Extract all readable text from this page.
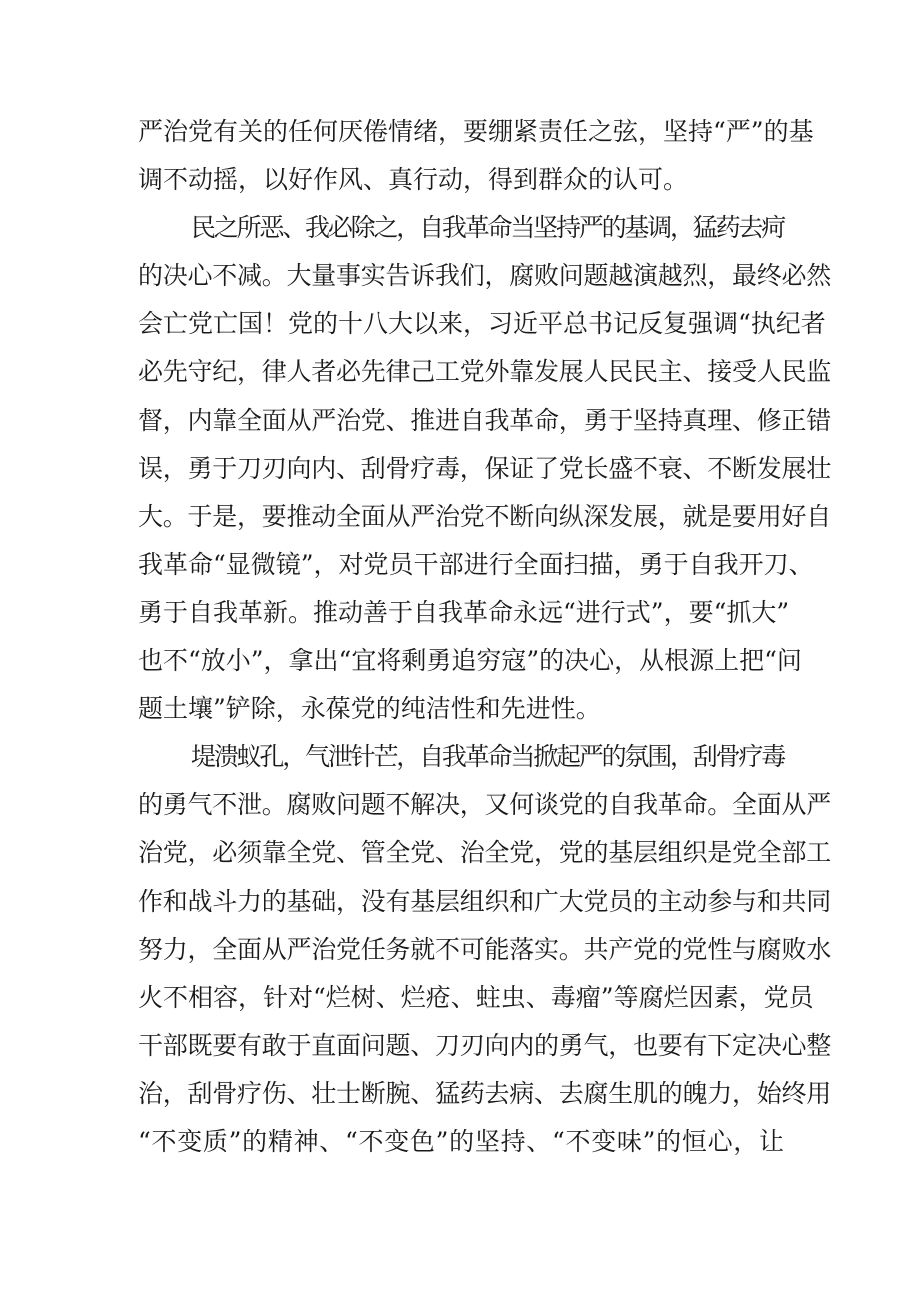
严治党有关的任何厌倦情绪，要绷紧责任之弦，坚持“严”的基
调不动摇，以好作风、真行动，得到群众的认可。
民之所恶、我必除之，自我革命当坚持严的基调，猛药去疴
的决心不减。大量事实告诉我们，腐败问题越演越烈，最终必然
会亡党亡国！党的十八大以来，习近平总书记反复强调“执纪者
必先守纪，律人者必先律己工党外靠发展人民民主、接受人民监
督，内靠全面从严治党、推进自我革命，勇于坚持真理、修正错
误，勇于刀刃向内、刮骨疗毒，保证了党长盛不衰、不断发展壮
大。于是，要推动全面从严治党不断向纵深发展，就是要用好自
我革命“显微镜”，对党员干部进行全面扫描，勇于自我开刀、
勇于自我革新。推动善于自我革命永远“进行式”，要“抓大”
也不“放小”，拿出“宜将剩勇追穷寇”的决心，从根源上把“问
题土壤”铲除，永葆党的纯洁性和先进性。
堤溃蚁孔，气泄针芒，自我革命当掀起严的氛围，刮骨疗毒
的勇气不泄。腐败问题不解决，又何谈党的自我革命。全面从严
治党，必须靠全党、管全党、治全党，党的基层组织是党全部工
作和战斗力的基础，没有基层组织和广大党员的主动参与和共同
努力，全面从严治党任务就不可能落实。共产党的党性与腐败水
火不相容，针对“烂树、烂疮、蛀虫、毒瘤”等腐烂因素，党员
干部既要有敢于直面问题、刀刃向内的勇气，也要有下定决心整
治，刮骨疗伤、壮士断腕、猛药去病、去腐生肌的魄力，始终用
“不变质”的精神、“不变色”的坚持、“不变味”的恒心，让
